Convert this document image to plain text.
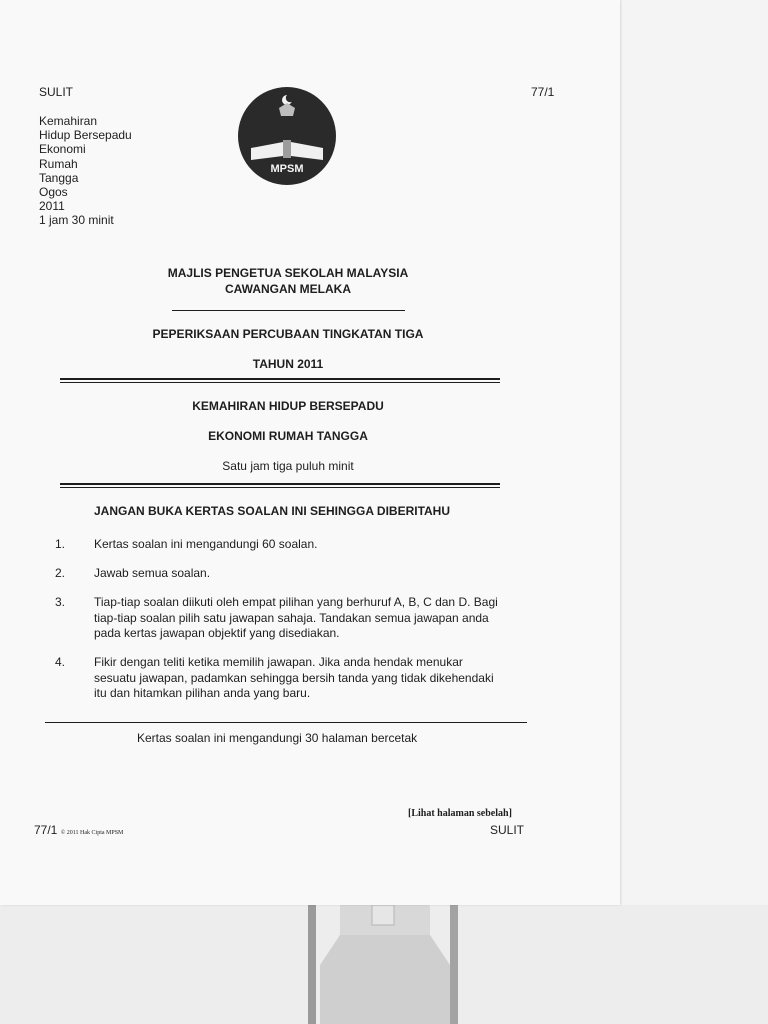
SULIT	77/1
Kemahiran
Hidup Bersepadu
Ekonomi
Rumah
Tangga
Ogos
2011
1 jam 30 minit
MPSM
MAJLIS PENGETUA SEKOLAH MALAYSIA
CAWANGAN MELAKA
PEPERIKSAAN PERCUBAAN TINGKATAN TIGA
TAHUN 2011
KEMAHIRAN HIDUP BERSEPADU
EKONOMI RUMAH TANGGA
Satu jam tiga puluh minit
JANGAN BUKA KERTAS SOALAN INI SEHINGGA DIBERITAHU
1. Kertas soalan ini mengandungi 60 soalan.
2. Jawab semua soalan.
3. Tiap-tiap soalan diikuti oleh empat pilihan yang berhuruf A, B, C dan D. Bagi
tiap-tiap soalan pilih satu jawapan sahaja. Tandakan semua jawapan anda
pada kertas jawapan objektif yang disediakan.
4. Fikir dengan teliti ketika memilih jawapan. Jika anda hendak menukar
sesuatu jawapan, padamkan sehingga bersih tanda yang tidak dikehendaki
itu dan hitamkan pilihan anda yang baru.
Kertas soalan ini mengandungi 30 halaman bercetak
[Lihat halaman sebelah]
77/1 © 2011 Hak Cipta MPSM	SULIT
